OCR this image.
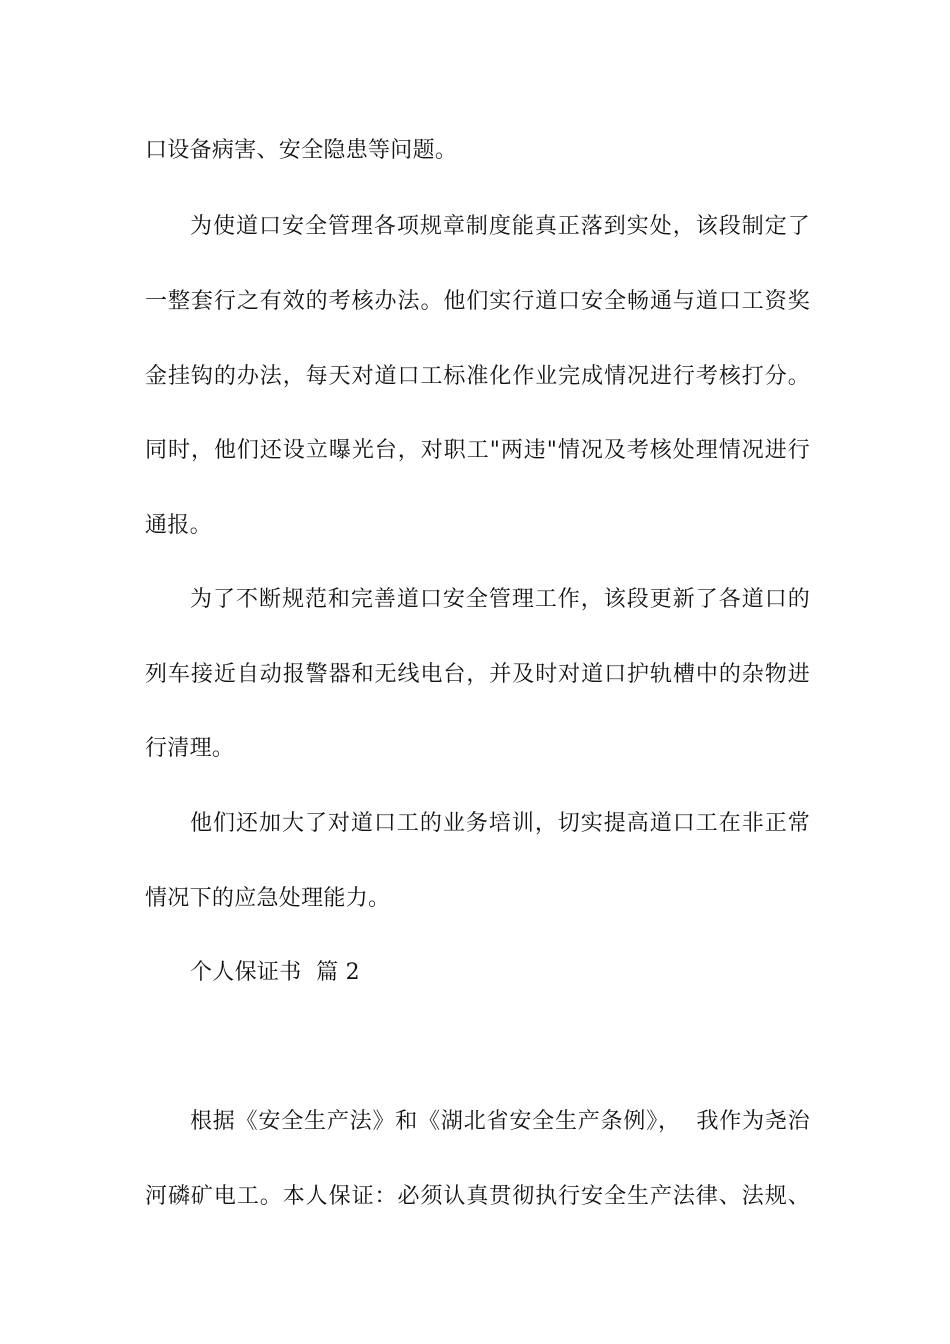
口设备病害、安全隐患等问题。
为使道口安全管理各项规章制度能真正落到实处，该段制定了
一整套行之有效的考核办法。他们实行道口安全畅通与道口工资奖
金挂钩的办法，每天对道口工标准化作业完成情况进行考核打分。
同时，他们还设立曝光台，对职工"两违"情况及考核处理情况进行
通报。
为了不断规范和完善道口安全管理工作，该段更新了各道口的
列车接近自动报警器和无线电台，并及时对道口护轨槽中的杂物进
行清理。
他们还加大了对道口工的业务培训，切实提高道口工在非正常
情况下的应急处理能力。
个人保证书  篇 2
根据《安全生产法》和《湖北省安全生产条例》，  我作为尧治
河磷矿电工。本人保证：必须认真贯彻执行安全生产法律、法规、
